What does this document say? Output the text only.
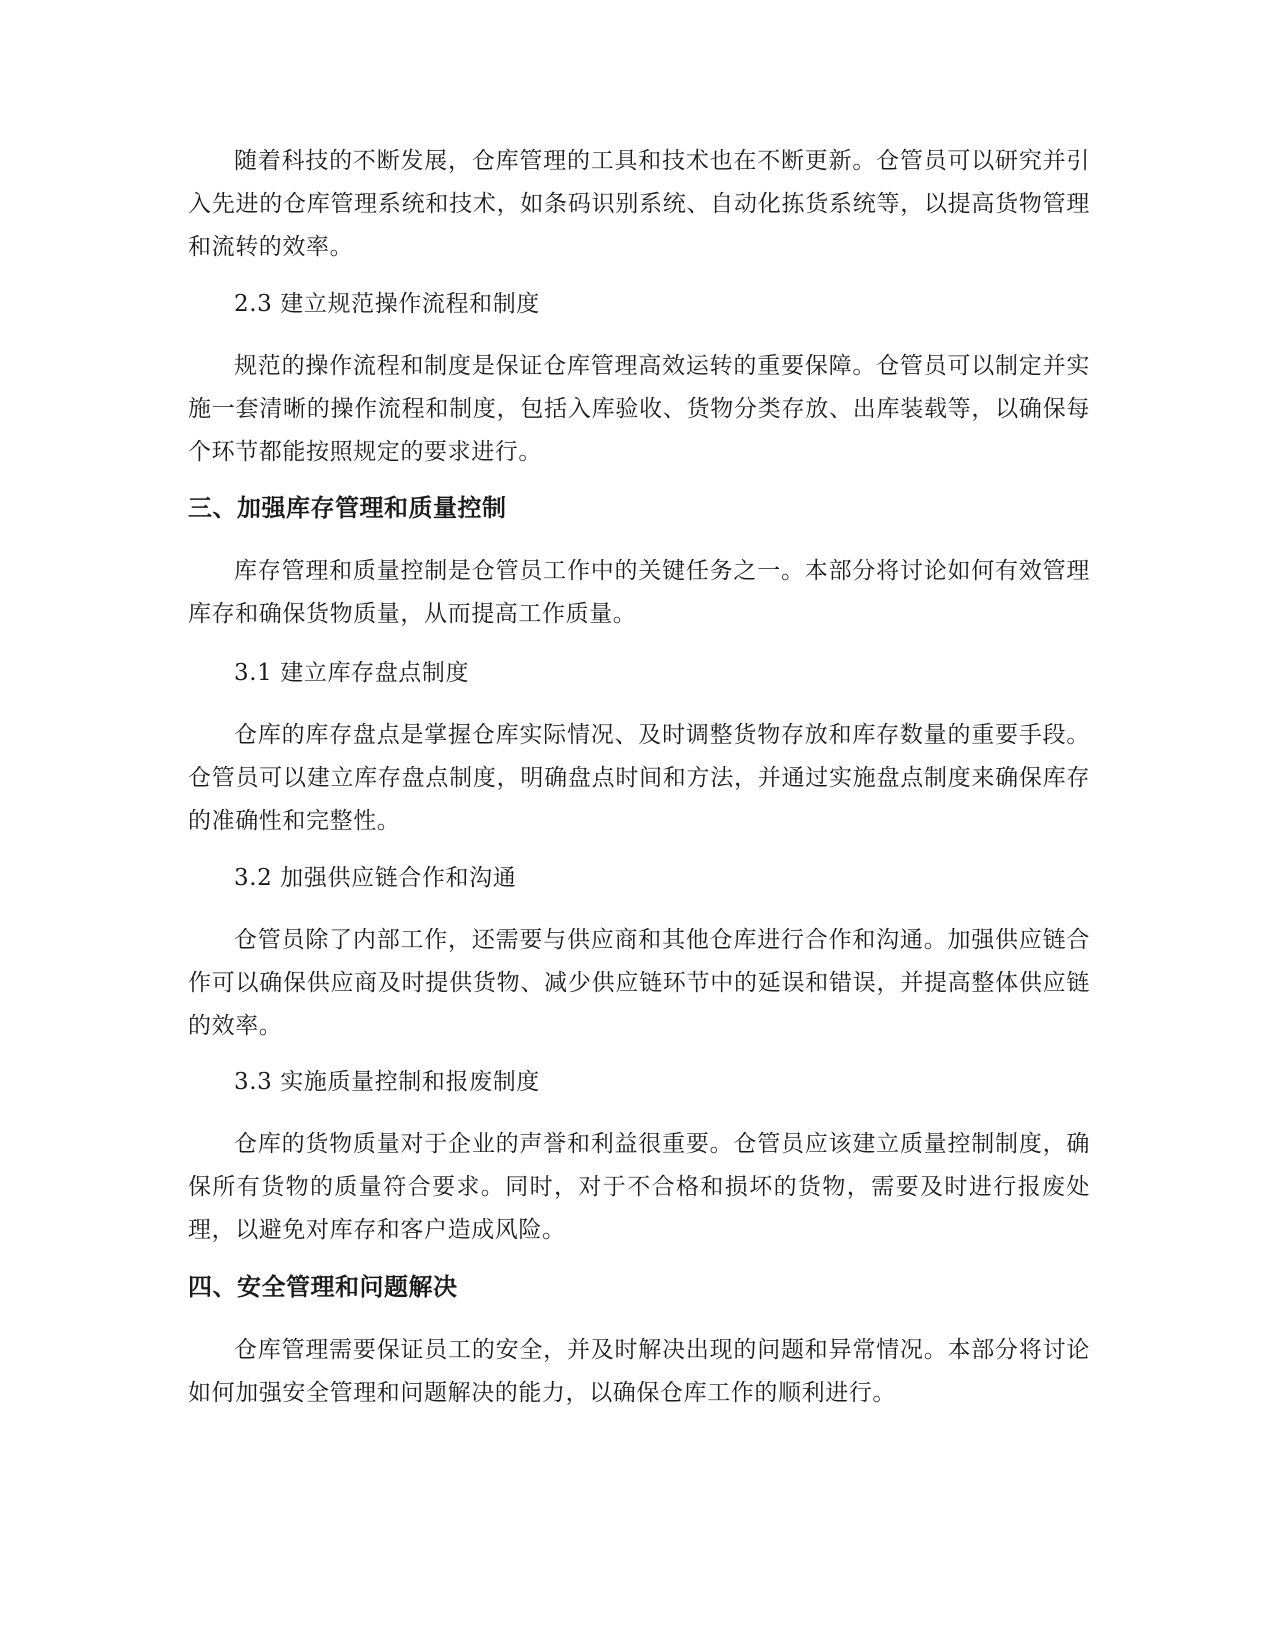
随着科技的不断发展，仓库管理的工具和技术也在不断更新。仓管员可以研究并引入先进的仓库管理系统和技术，如条码识别系统、自动化拣货系统等，以提高货物管理和流转的效率。

2.3 建立规范操作流程和制度

规范的操作流程和制度是保证仓库管理高效运转的重要保障。仓管员可以制定并实施一套清晰的操作流程和制度，包括入库验收、货物分类存放、出库装载等，以确保每个环节都能按照规定的要求进行。

三、加强库存管理和质量控制

库存管理和质量控制是仓管员工作中的关键任务之一。本部分将讨论如何有效管理库存和确保货物质量，从而提高工作质量。

3.1 建立库存盘点制度

仓库的库存盘点是掌握仓库实际情况、及时调整货物存放和库存数量的重要手段。仓管员可以建立库存盘点制度，明确盘点时间和方法，并通过实施盘点制度来确保库存的准确性和完整性。

3.2 加强供应链合作和沟通

仓管员除了内部工作，还需要与供应商和其他仓库进行合作和沟通。加强供应链合作可以确保供应商及时提供货物、减少供应链环节中的延误和错误，并提高整体供应链的效率。

3.3 实施质量控制和报废制度

仓库的货物质量对于企业的声誉和利益很重要。仓管员应该建立质量控制制度，确保所有货物的质量符合要求。同时，对于不合格和损坏的货物，需要及时进行报废处理，以避免对库存和客户造成风险。

四、安全管理和问题解决

仓库管理需要保证员工的安全，并及时解决出现的问题和异常情况。本部分将讨论如何加强安全管理和问题解决的能力，以确保仓库工作的顺利进行。
